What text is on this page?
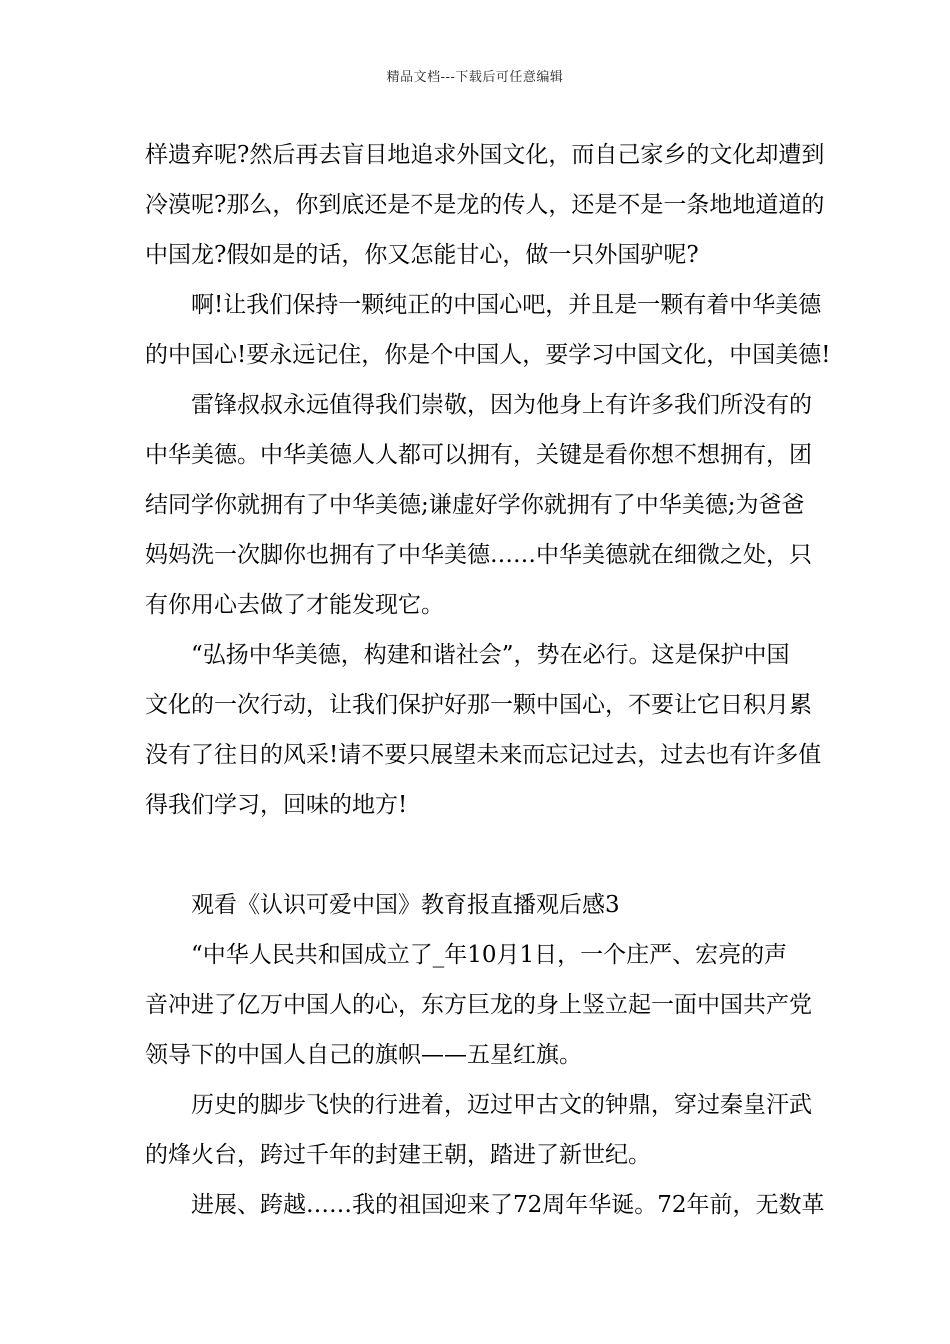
精品文档---下载后可任意编辑
样遗弃呢?然后再去盲目地追求外国文化，而自己家乡的文化却遭到
冷漠呢?那么，你到底还是不是龙的传人，还是不是一条地地道道的
中国龙?假如是的话，你又怎能甘心，做一只外国驴呢?
啊!让我们保持一颗纯正的中国心吧，并且是一颗有着中华美德
的中国心!要永远记住，你是个中国人，要学习中国文化，中国美德!
雷锋叔叔永远值得我们崇敬，因为他身上有许多我们所没有的
中华美德。中华美德人人都可以拥有，关键是看你想不想拥有，团
结同学你就拥有了中华美德;谦虚好学你就拥有了中华美德;为爸爸
妈妈洗一次脚你也拥有了中华美德……中华美德就在细微之处，只
有你用心去做了才能发现它。
“弘扬中华美德，构建和谐社会”，势在必行。这是保护中国
文化的一次行动，让我们保护好那一颗中国心，不要让它日积月累
没有了往日的风采!请不要只展望未来而忘记过去，过去也有许多值
得我们学习，回味的地方!
观看《认识可爱中国》教育报直播观后感3
“中华人民共和国成立了_年10月1日，一个庄严、宏亮的声
音冲进了亿万中国人的心，东方巨龙的身上竖立起一面中国共产党
领导下的中国人自己的旗帜——五星红旗。
历史的脚步飞快的行进着，迈过甲古文的钟鼎，穿过秦皇汗武
的烽火台，跨过千年的封建王朝，踏进了新世纪。
进展、跨越……我的祖国迎来了72周年华诞。72年前，无数革
